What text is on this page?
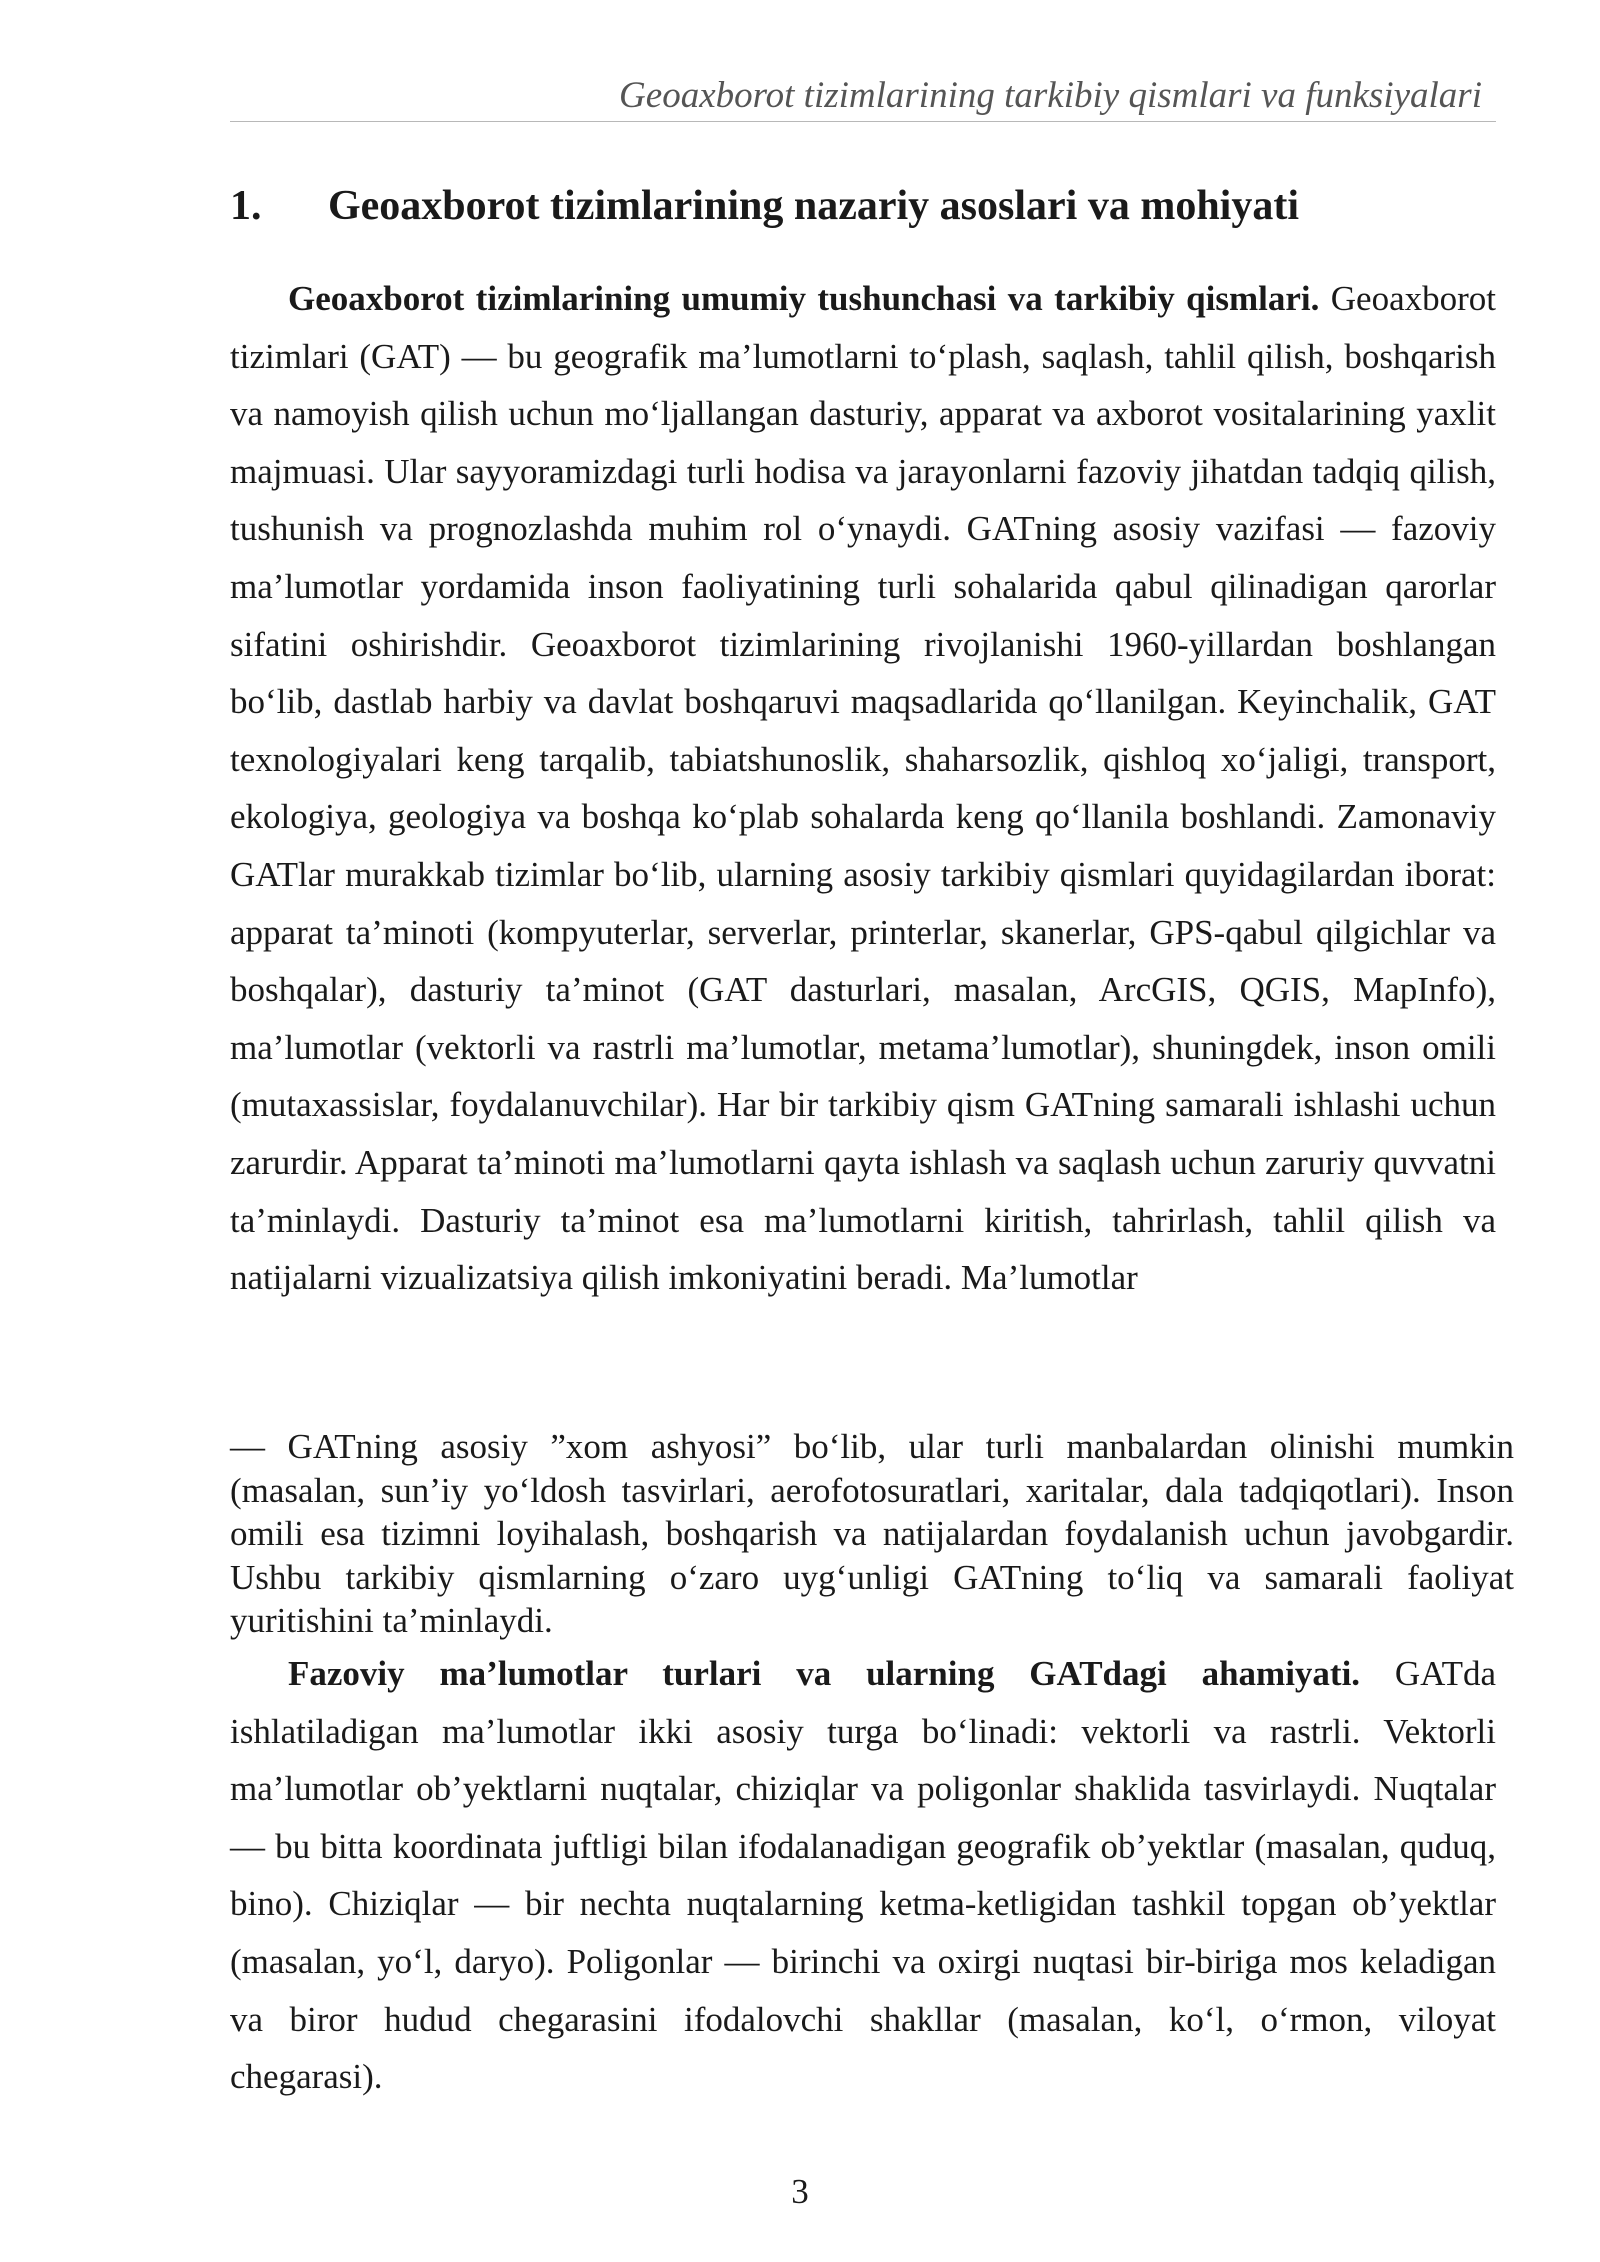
Geoaxborot tizimlarining tarkibiy qismlari va funksiyalari
1. Geoaxborot tizimlarining nazariy asoslari va mohiyati

Geoaxborot tizimlarining umumiy tushunchasi va tarkibiy qismlari. Geoaxborot tizimlari (GAT) — bu geografik ma’lumotlarni to‘plash, saqlash, tahlil qilish, boshqarish va namoyish qilish uchun mo‘ljallangan dasturiy, apparat va axborot vositalarining yaxlit majmuasi. Ular sayyoramizdagi turli hodisa va jarayonlarni fazoviy jihatdan tadqiq qilish, tushunish va prognozlashda muhim rol o‘ynaydi. GATning asosiy vazifasi — fazoviy ma’lumotlar yordamida inson faoliyatining turli sohalarida qabul qilinadigan qarorlar sifatini oshirishdir. Geoaxborot tizimlarining rivojlanishi 1960-yillardan boshlangan bo‘lib, dastlab harbiy va davlat boshqaruvi maqsadlarida qo‘llanilgan. Keyinchalik, GAT texnologiyalari keng tarqalib, tabiatshunoslik, shaharsozlik, qishloq xo‘jaligi, transport, ekologiya, geologiya va boshqa ko‘plab sohalarda keng qo‘llanila boshlandi. Zamonaviy GATlar murakkab tizimlar bo‘lib, ularning asosiy tarkibiy qismlari quyidagilardan iborat: apparat ta’minoti (kompyuterlar, serverlar, printerlar, skanerlar, GPS-qabul qilgichlar va boshqalar), dasturiy ta’minot (GAT dasturlari, masalan, ArcGIS, QGIS, MapInfo), ma’lumotlar (vektorli va rastrli ma’lumotlar, metama’lumotlar), shuningdek, inson omili (mutaxassislar, foydalanuvchilar). Har bir tarkibiy qism GATning samarali ishlashi uchun zarurdir. Apparat ta’minoti ma’lumotlarni qayta ishlash va saqlash uchun zaruriy quvvatni ta’minlaydi. Dasturiy ta’minot esa ma’lumotlarni kiritish, tahrirlash, tahlil qilish va natijalarni vizualizatsiya qilish imkoniyatini beradi. Ma’lumotlar

— GATning asosiy ”xom ashyosi” bo‘lib, ular turli manbalardan olinishi mumkin (masalan, sun’iy yo‘ldosh tasvirlari, aerofotosuratlari, xaritalar, dala tadqiqotlari). Inson omili esa tizimni loyihalash, boshqarish va natijalardan foydalanish uchun javobgardir. Ushbu tarkibiy qismlarning o‘zaro uyg‘unligi GATning to‘liq va samarali faoliyat yuritishini ta’minlaydi.

Fazoviy ma’lumotlar turlari va ularning GATdagi ahamiyati. GATda ishlatiladigan ma’lumotlar ikki asosiy turga bo‘linadi: vektorli va rastrli. Vektorli ma’lumotlar ob’yektlarni nuqtalar, chiziqlar va poligonlar shaklida tasvirlaydi. Nuqtalar — bu bitta koordinata juftligi bilan ifodalanadigan geografik ob’yektlar (masalan, quduq, bino). Chiziqlar — bir nechta nuqtalarning ketma-ketligidan tashkil topgan ob’yektlar (masalan, yo‘l, daryo). Poligonlar — birinchi va oxirgi nuqtasi bir-biriga mos keladigan va biror hudud chegarasini ifodalovchi shakllar (masalan, ko‘l, o‘rmon, viloyat chegarasi).

3
